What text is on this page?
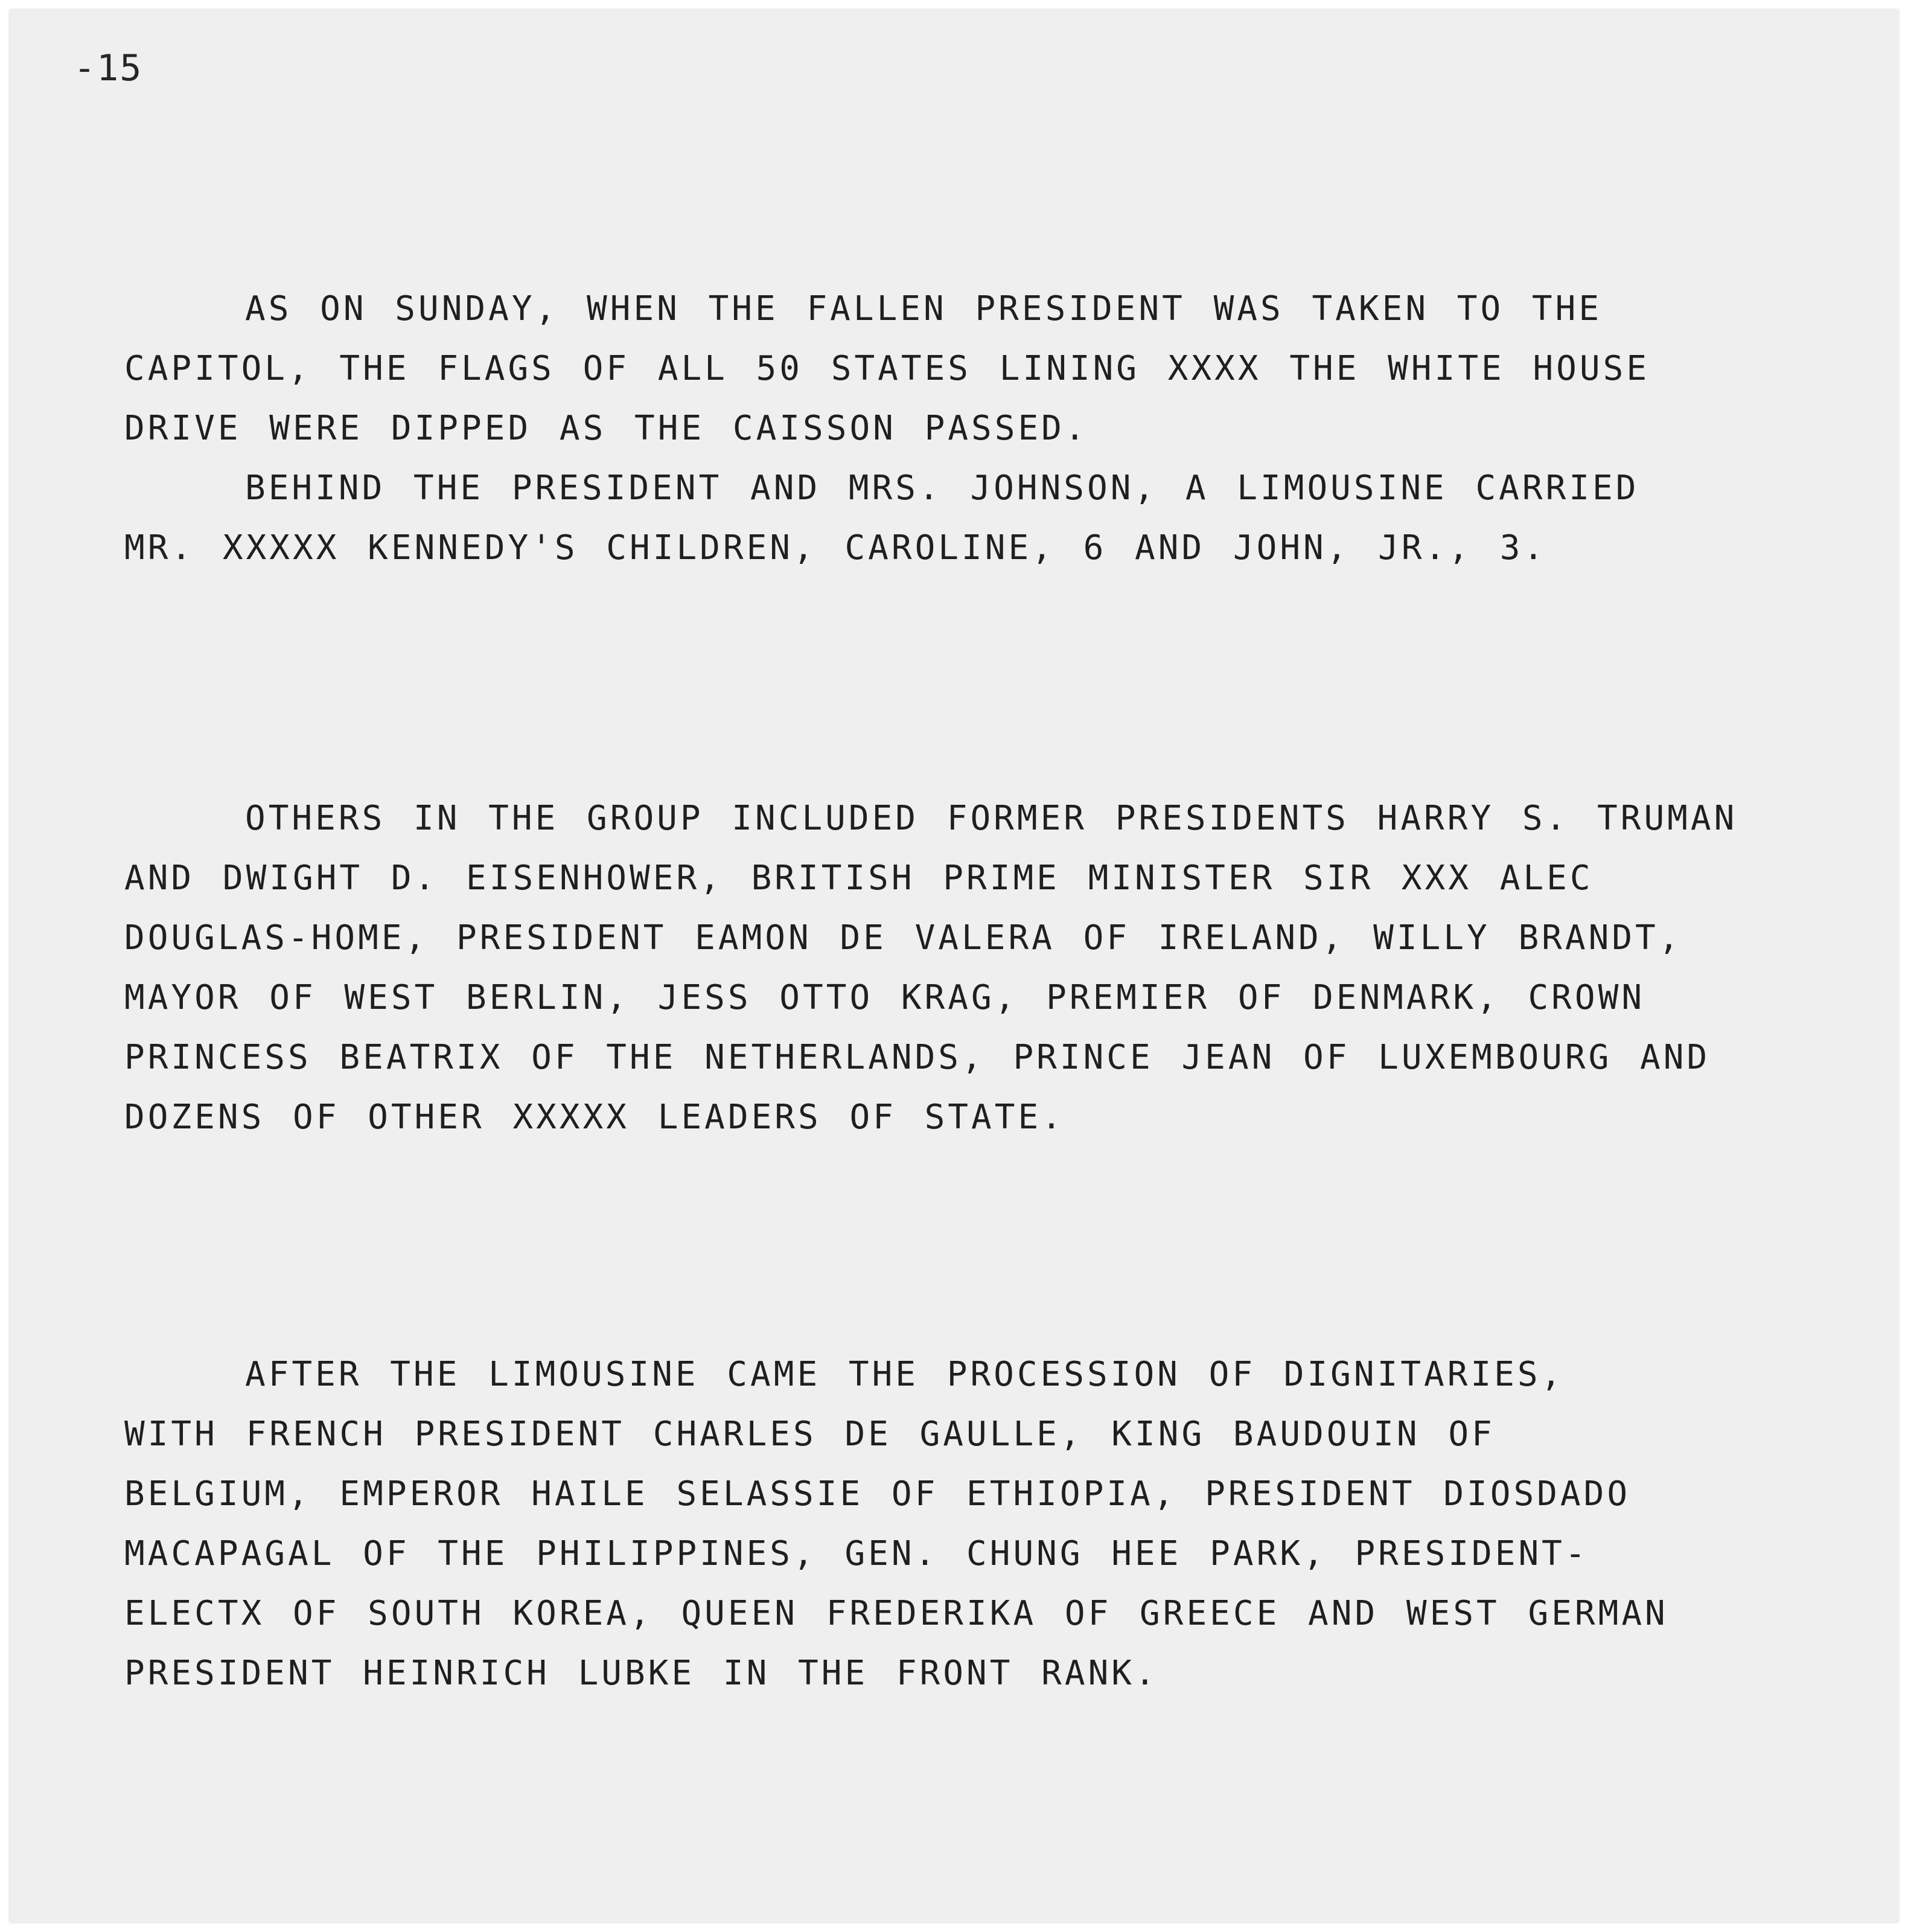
-15
AS ON SUNDAY, WHEN THE FALLEN PRESIDENT WAS TAKEN TO THE
CAPITOL, THE FLAGS OF ALL 50 STATES LINING XXXX THE WHITE HOUSE
DRIVE WERE DIPPED AS THE CAISSON PASSED.
BEHIND THE PRESIDENT AND MRS. JOHNSON, A LIMOUSINE CARRIED
MR. XXXXX KENNEDY'S CHILDREN, CAROLINE, 6 AND JOHN, JR., 3.
OTHERS IN THE GROUP INCLUDED FORMER PRESIDENTS HARRY S. TRUMAN
AND DWIGHT D. EISENHOWER, BRITISH PRIME MINISTER SIR XXX ALEC
DOUGLAS-HOME, PRESIDENT EAMON DE VALERA OF IRELAND, WILLY BRANDT,
MAYOR OF WEST BERLIN, JESS OTTO KRAG, PREMIER OF DENMARK, CROWN
PRINCESS BEATRIX OF THE NETHERLANDS, PRINCE JEAN OF LUXEMBOURG AND
DOZENS OF OTHER XXXXX LEADERS OF STATE.
AFTER THE LIMOUSINE CAME THE PROCESSION OF DIGNITARIES,
WITH FRENCH PRESIDENT CHARLES DE GAULLE, KING BAUDOUIN OF
BELGIUM, EMPEROR HAILE SELASSIE OF ETHIOPIA, PRESIDENT DIOSDADO
MACAPAGAL OF THE PHILIPPINES, GEN. CHUNG HEE PARK, PRESIDENT-
ELECTX OF SOUTH KOREA, QUEEN FREDERIKA OF GREECE AND WEST GERMAN
PRESIDENT HEINRICH LUBKE IN THE FRONT RANK.
